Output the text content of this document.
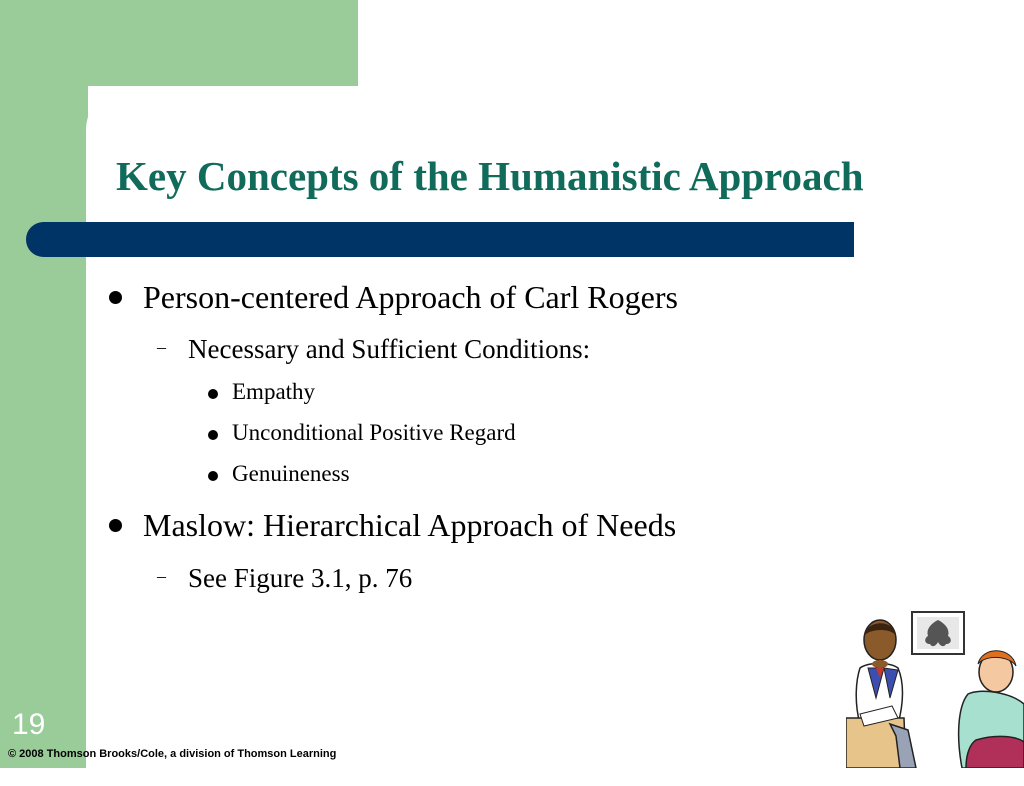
Key Concepts of the Humanistic Approach
Person-centered Approach of Carl Rogers
– Necessary and Sufficient Conditions:
Empathy
Unconditional Positive Regard
Genuineness
Maslow: Hierarchical Approach of Needs
– See Figure 3.1, p. 76
19
© 2008 Thomson Brooks/Cole, a division of Thomson Learning
